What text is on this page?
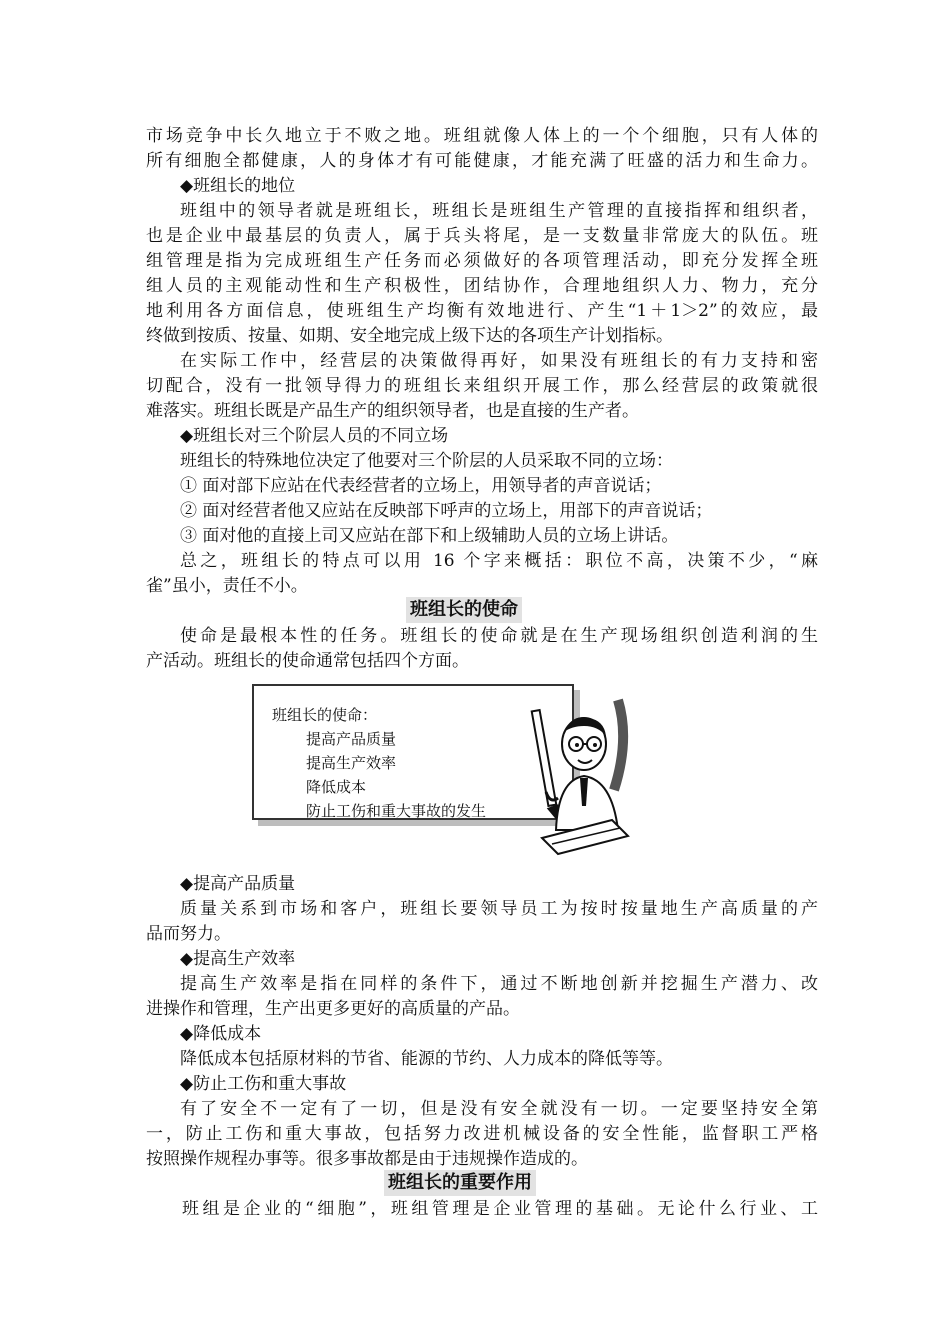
市场竞争中长久地立于不败之地。班组就像人体上的一个个细胞，只有人体的
所有细胞全都健康，人的身体才有可能健康，才能充满了旺盛的活力和生命力。
◆班组长的地位
班组中的领导者就是班组长，班组长是班组生产管理的直接指挥和组织者，
也是企业中最基层的负责人，属于兵头将尾，是一支数量非常庞大的队伍。班
组管理是指为完成班组生产任务而必须做好的各项管理活动，即充分发挥全班
组人员的主观能动性和生产积极性，团结协作，合理地组织人力、物力，充分
地利用各方面信息，使班组生产均衡有效地进行、产生“1＋1＞2”的效应，最
终做到按质、按量、如期、安全地完成上级下达的各项生产计划指标。
在实际工作中，经营层的决策做得再好，如果没有班组长的有力支持和密
切配合，没有一批领导得力的班组长来组织开展工作，那么经营层的政策就很
难落实。班组长既是产品生产的组织领导者，也是直接的生产者。
◆班组长对三个阶层人员的不同立场
班组长的特殊地位决定了他要对三个阶层的人员采取不同的立场：
① 面对部下应站在代表经营者的立场上，用领导者的声音说话；
② 面对经营者他又应站在反映部下呼声的立场上，用部下的声音说话；
③ 面对他的直接上司又应站在部下和上级辅助人员的立场上讲话。
总之，班组长的特点可以用 16 个字来概括：职位不高，决策不少，“麻
雀”虽小，责任不小。
班组长的使命
使命是最根本性的任务。班组长的使命就是在生产现场组织创造利润的生
产活动。班组长的使命通常包括四个方面。
班组长的使命：
提高产品质量
提高生产效率
降低成本
防止工伤和重大事故的发生
◆提高产品质量
质量关系到市场和客户，班组长要领导员工为按时按量地生产高质量的产
品而努力。
◆提高生产效率
提高生产效率是指在同样的条件下，通过不断地创新并挖掘生产潜力、改
进操作和管理，生产出更多更好的高质量的产品。
◆降低成本
降低成本包括原材料的节省、能源的节约、人力成本的降低等等。
◆防止工伤和重大事故
有了安全不一定有了一切，但是没有安全就没有一切。一定要坚持安全第
一，防止工伤和重大事故，包括努力改进机械设备的安全性能，监督职工严格
按照操作规程办事等。很多事故都是由于违规操作造成的。
班组长的重要作用
班组是企业的“细胞”，班组管理是企业管理的基础。无论什么行业、工
